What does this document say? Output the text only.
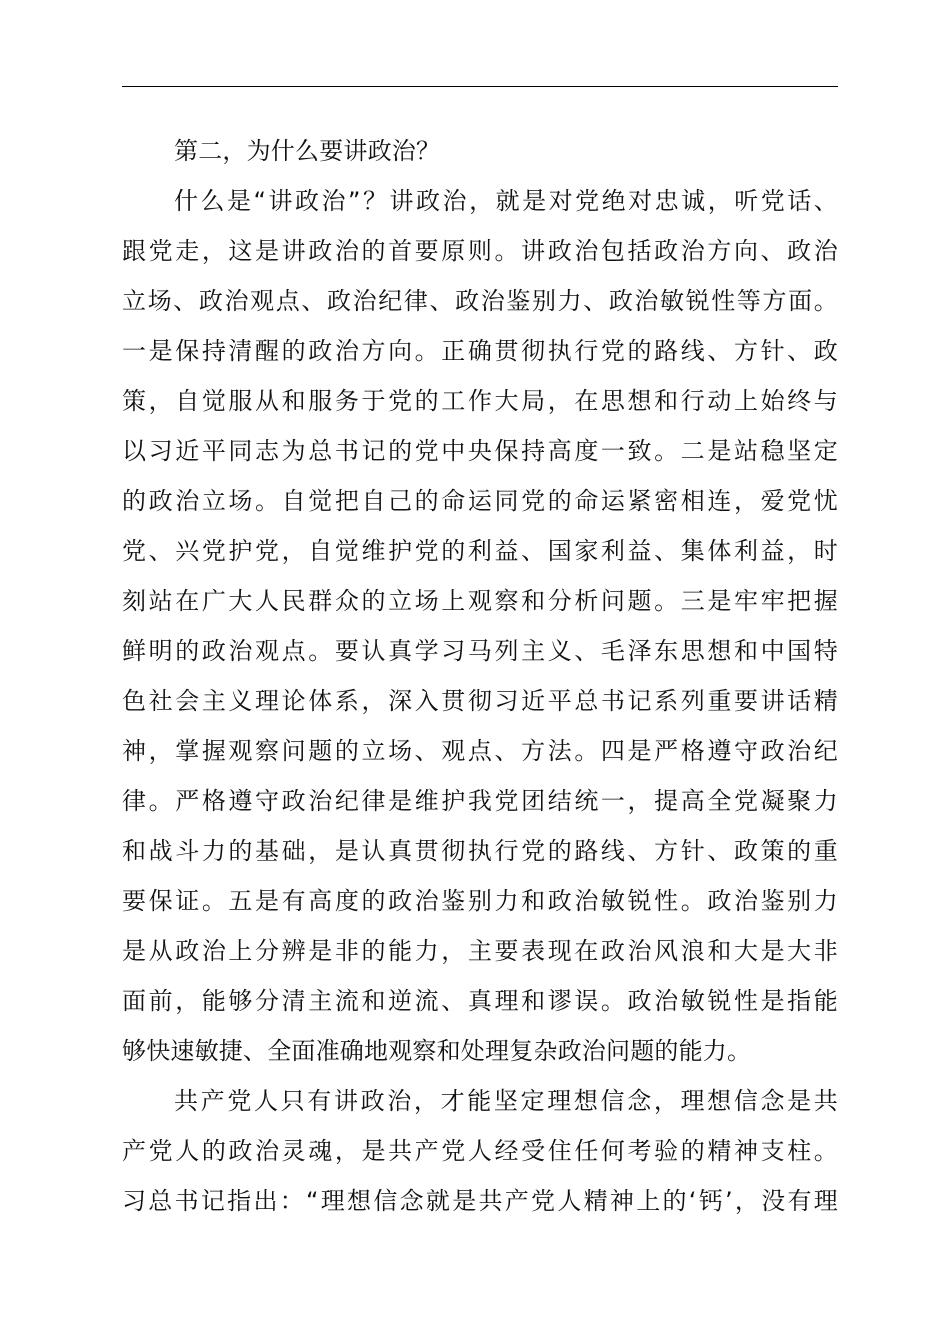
第二，为什么要讲政治？
什么是“讲政治”？讲政治，就是对党绝对忠诚，听党话、
跟党走，这是讲政治的首要原则。讲政治包括政治方向、政治
立场、政治观点、政治纪律、政治鉴别力、政治敏锐性等方面。
一是保持清醒的政治方向。正确贯彻执行党的路线、方针、政
策，自觉服从和服务于党的工作大局，在思想和行动上始终与
以习近平同志为总书记的党中央保持高度一致。二是站稳坚定
的政治立场。自觉把自己的命运同党的命运紧密相连，爱党忧
党、兴党护党，自觉维护党的利益、国家利益、集体利益，时
刻站在广大人民群众的立场上观察和分析问题。三是牢牢把握
鲜明的政治观点。要认真学习马列主义、毛泽东思想和中国特
色社会主义理论体系，深入贯彻习近平总书记系列重要讲话精
神，掌握观察问题的立场、观点、方法。四是严格遵守政治纪
律。严格遵守政治纪律是维护我党团结统一，提高全党凝聚力
和战斗力的基础，是认真贯彻执行党的路线、方针、政策的重
要保证。五是有高度的政治鉴别力和政治敏锐性。政治鉴别力
是从政治上分辨是非的能力，主要表现在政治风浪和大是大非
面前，能够分清主流和逆流、真理和谬误。政治敏锐性是指能
够快速敏捷、全面准确地观察和处理复杂政治问题的能力。
共产党人只有讲政治，才能坚定理想信念，理想信念是共
产党人的政治灵魂，是共产党人经受住任何考验的精神支柱。
习总书记指出：“理想信念就是共产党人精神上的‘钙’，没有理
